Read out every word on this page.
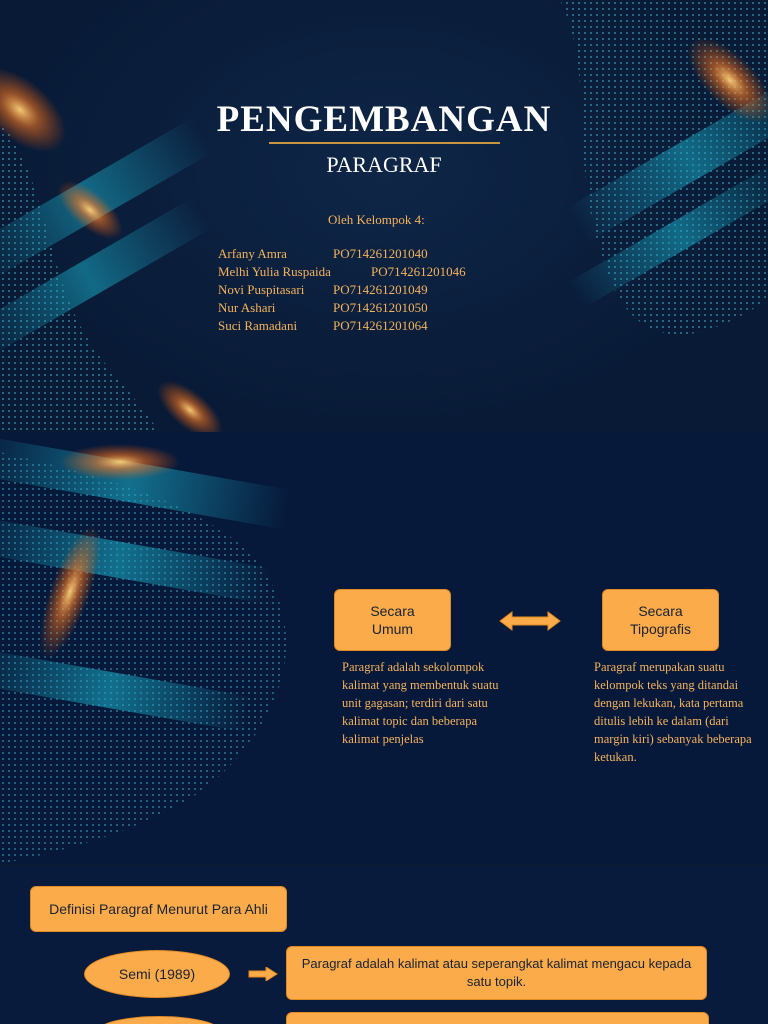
PENGEMBANGAN
PARAGRAF
Oleh Kelompok 4:
Arfany Amra	PO714261201040
Melhi Yulia Ruspaida	PO714261201046
Novi Puspitasari PO714261201049
Nur Ashari	PO714261201050
Suci Ramadani	PO714261201064
Secara Umum
Secara Tipografis
Paragraf adalah sekolompok kalimat yang membentuk suatu unit gagasan; terdiri dari satu kalimat topic dan beberapa kalimat penjelas
Paragraf merupakan suatu kelompok teks yang ditandai dengan lekukan, kata pertama ditulis lebih ke dalam (dari margin kiri) sebanyak beberapa ketukan.
Definisi Paragraf Menurut Para Ahli
Semi (1989)
Paragraf adalah kalimat atau seperangkat kalimat mengacu kepada satu topik.
